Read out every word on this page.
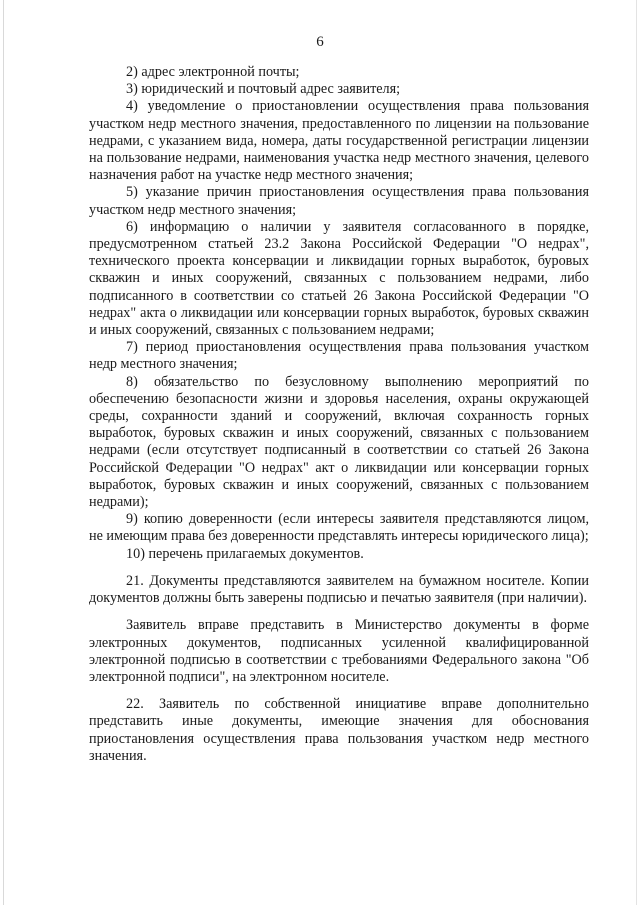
6

2) адрес электронной почты;

3) юридический и почтовый адрес заявителя;

4) уведомление о приостановлении осуществления права пользования участком недр местного значения, предоставленного по лицензии на пользование недрами, с указанием вида, номера, даты государственной регистрации лицензии на пользование недрами, наименования участка недр местного значения, целевого назначения работ на участке недр местного значения;

5) указание причин приостановления осуществления права пользования участком недр местного значения;

6) информацию о наличии у заявителя согласованного в порядке, предусмотренном статьей 23.2 Закона Российской Федерации "О недрах", технического проекта консервации и ликвидации горных выработок, буровых скважин и иных сооружений, связанных с пользованием недрами, либо подписанного в соответствии со статьей 26 Закона Российской Федерации "О недрах" акта о ликвидации или консервации горных выработок, буровых скважин и иных сооружений, связанных с пользованием недрами;

7) период приостановления осуществления права пользования участком недр местного значения;

8) обязательство по безусловному выполнению мероприятий по обеспечению безопасности жизни и здоровья населения, охраны окружающей среды, сохранности зданий и сооружений, включая сохранность горных выработок, буровых скважин и иных сооружений, связанных с пользованием недрами (если отсутствует подписанный в соответствии со статьей 26 Закона Российской Федерации "О недрах" акт о ликвидации или консервации горных выработок, буровых скважин и иных сооружений, связанных с пользованием недрами);

9) копию доверенности (если интересы заявителя представляются лицом, не имеющим права без доверенности представлять интересы юридического лица);

10) перечень прилагаемых документов.

21. Документы представляются заявителем на бумажном носителе. Копии документов должны быть заверены подписью и печатью заявителя (при наличии).

Заявитель вправе представить в Министерство документы в форме электронных документов, подписанных усиленной квалифицированной электронной подписью в соответствии с требованиями Федерального закона "Об электронной подписи", на электронном носителе.

22. Заявитель по собственной инициативе вправе дополнительно представить иные документы, имеющие значения для обоснования приостановления осуществления права пользования участком недр местного значения.
